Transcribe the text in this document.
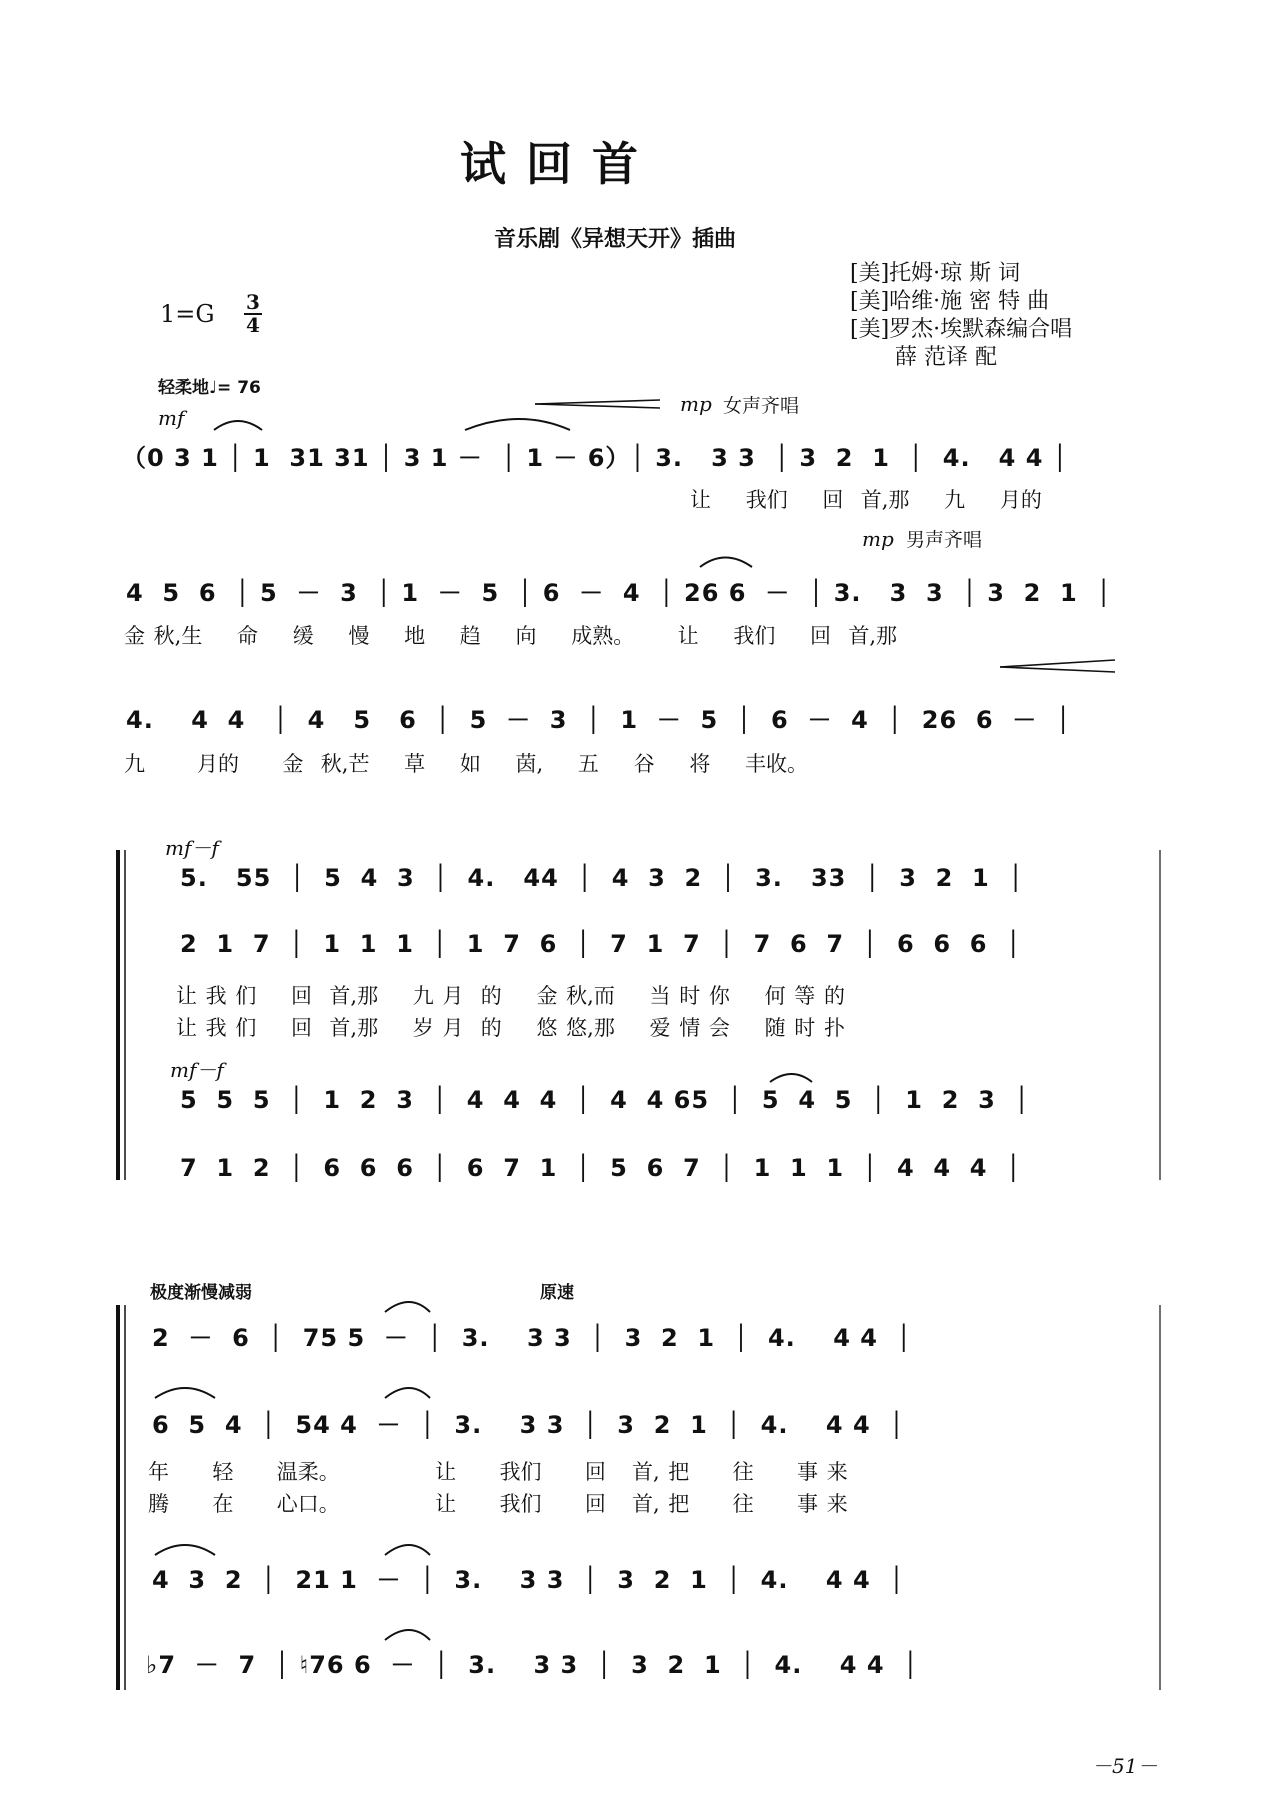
试 回 首
音乐剧《异想天开》插曲
[美]托姆·琼 斯 词
[美]哈维·施 密 特 曲
[美]罗杰·埃默森编合唱
薛 范译 配
1=G 3
4
轻柔地♩= 76
mf
mp 女声齐唱
（0 3 1 │ 1  31 31 │ 3 1 －  │ 1 － 6）│ 3.   3 3  │ 3  2  1  │  4.   4 4 │
让    我们    回  首,那    九    月的
mp 男声齐唱
4  5  6  │ 5  －  3  │ 1  －  5  │ 6  －  4  │ 26 6  －  │ 3.   3  3  │ 3  2  1  │
金 秋,生    命    缓    慢    地    趋    向    成熟。     让    我们    回  首,那
4.    4  4   │  4   5   6  │  5  －  3  │  1  －  5  │  6  －  4  │  26  6  －  │
九      月的     金  秋,芒    草    如    茵,    五    谷    将    丰收。
mf－f
5.   55  │  5  4  3  │  4.   44  │  4  3  2  │  3.   33  │  3  2  1  │
2  1  7  │  1  1  1  │  1  7  6  │  7  1  7  │  7  6  7  │  6  6  6  │
让 我 们    回  首,那    九 月  的    金 秋,而    当 时 你    何 等 的
让 我 们    回  首,那    岁 月  的    悠 悠,那    爱 情 会    随 时 扑
mf－f
5  5  5  │  1  2  3  │  4  4  4  │  4  4 65  │  5  4  5  │  1  2  3  │
7  1  2  │  6  6  6  │  6  7  1  │  5  6  7  │  1  1  1  │  4  4  4  │
极度渐慢减弱	原速
2  －  6  │  75 5  －  │  3.    3 3  │  3  2  1  │  4.    4 4  │
6  5  4  │  54 4  －  │  3.    3 3  │  3  2  1  │  4.    4 4  │
年     轻     温柔。           让     我们     回   首, 把     往     事 来
腾     在     心口。           让     我们     回   首, 把     往     事 来
4  3  2  │  21 1  －  │  3.    3 3  │  3  2  1  │  4.    4 4  │
♭7  －  7  │ ♮76 6  －  │  3.    3 3  │  3  2  1  │  4.    4 4  │
－51－
